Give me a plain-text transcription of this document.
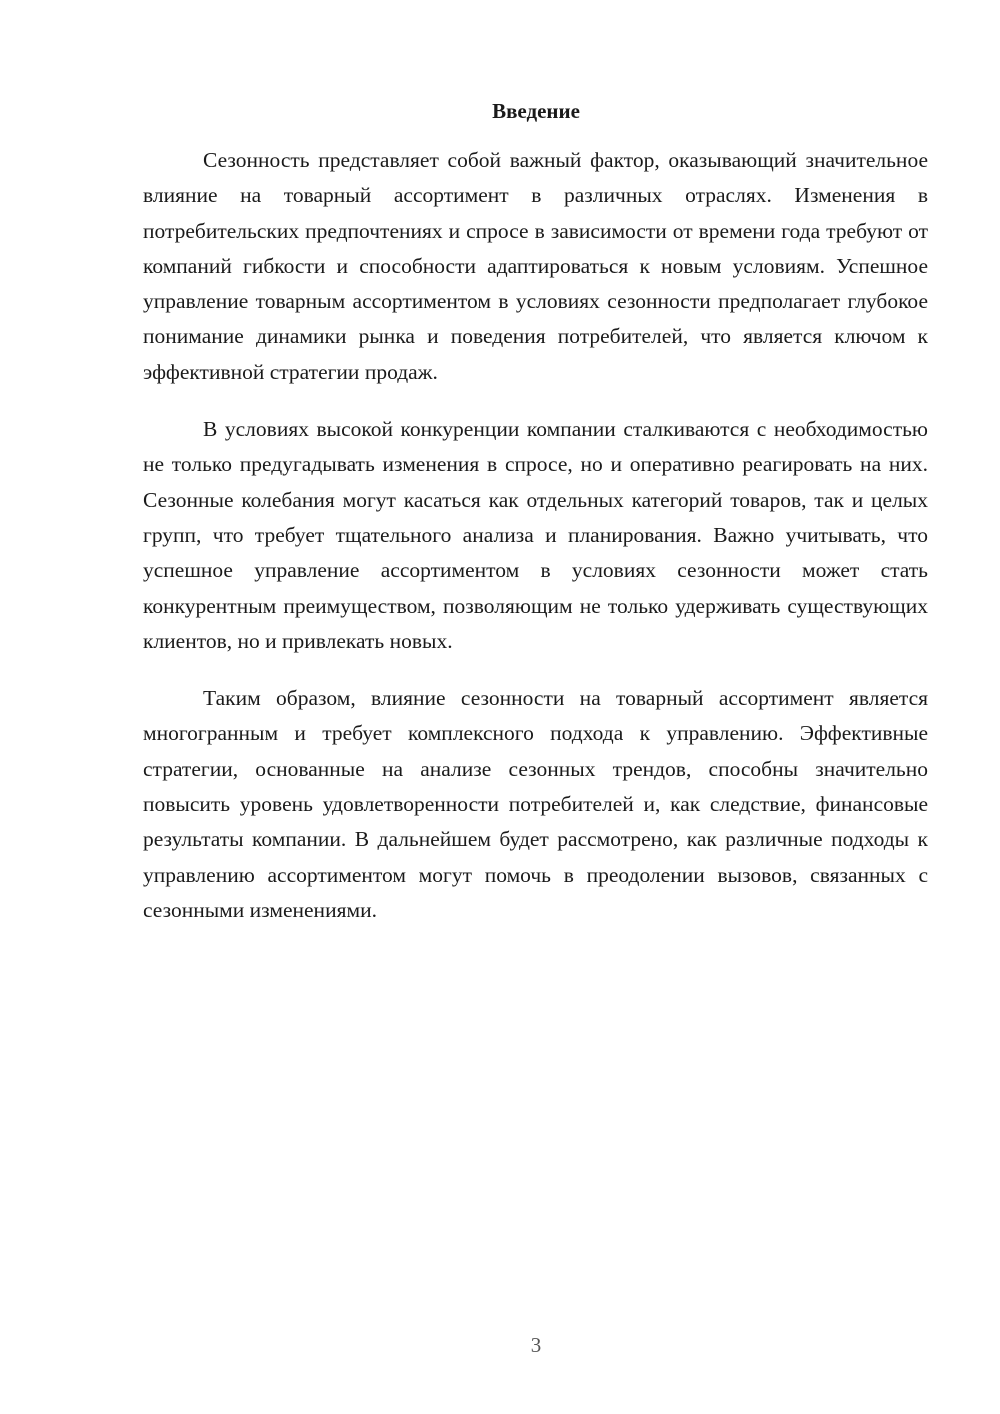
Введение

Сезонность представляет собой важный фактор, оказывающий значительное влияние на товарный ассортимент в различных отраслях. Изменения в потребительских предпочтениях и спросе в зависимости от времени года требуют от компаний гибкости и способности адаптироваться к новым условиям. Успешное управление товарным ассортиментом в условиях сезонности предполагает глубокое понимание динамики рынка и поведения потребителей, что является ключом к эффективной стратегии продаж.

В условиях высокой конкуренции компании сталкиваются с необходимостью не только предугадывать изменения в спросе, но и оперативно реагировать на них. Сезонные колебания могут касаться как отдельных категорий товаров, так и целых групп, что требует тщательного анализа и планирования. Важно учитывать, что успешное управление ассортиментом в условиях сезонности может стать конкурентным преимуществом, позволяющим не только удерживать существующих клиентов, но и привлекать новых.

Таким образом, влияние сезонности на товарный ассортимент является многогранным и требует комплексного подхода к управлению. Эффективные стратегии, основанные на анализе сезонных трендов, способны значительно повысить уровень удовлетворенности потребителей и, как следствие, финансовые результаты компании. В дальнейшем будет рассмотрено, как различные подходы к управлению ассортиментом могут помочь в преодолении вызовов, связанных с сезонными изменениями.

3
